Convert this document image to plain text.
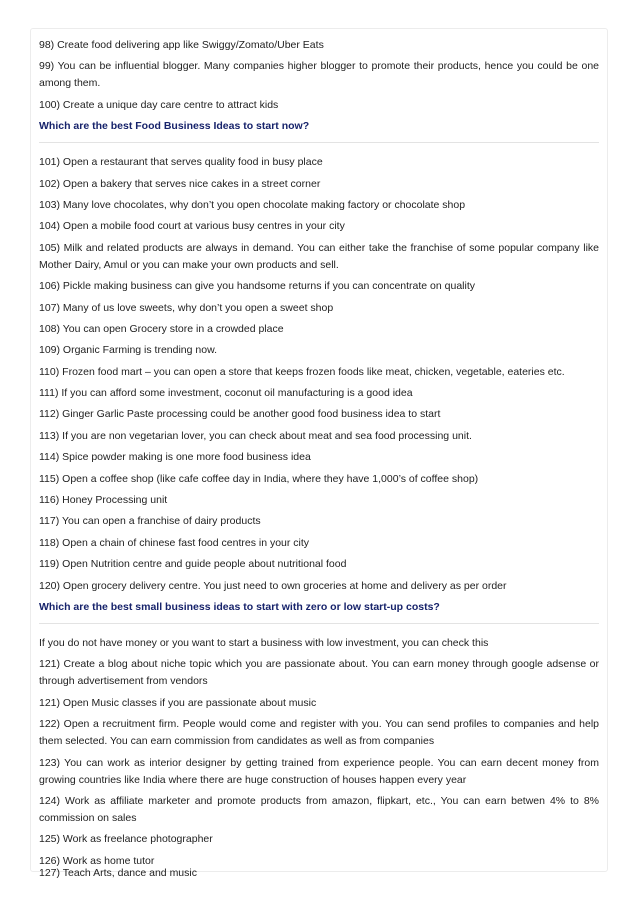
98) Create food delivering app like Swiggy/Zomato/Uber Eats

99) You can be influential blogger. Many companies higher blogger to promote their products, hence you could be one among them.

100) Create a unique day care centre to attract kids

Which are the best Food Business Ideas to start now?

101) Open a restaurant that serves quality food in busy place

102) Open a bakery that serves nice cakes in a street corner

103) Many love chocolates, why don’t you open chocolate making factory or chocolate shop

104) Open a mobile food court at various busy centres in your city

105) Milk and related products are always in demand. You can either take the franchise of some popular company like Mother Dairy, Amul or you can make your own products and sell.

106) Pickle making business can give you handsome returns if you can concentrate on quality

107) Many of us love sweets, why don’t you open a sweet shop

108) You can open Grocery store in a crowded place

109) Organic Farming is trending now.

110) Frozen food mart – you can open a store that keeps frozen foods like meat, chicken, vegetable, eateries etc.

111) If you can afford some investment, coconut oil manufacturing is a good idea

112) Ginger Garlic Paste processing could be another good food business idea to start

113) If you are non vegetarian lover, you can check about meat and sea food processing unit.

114) Spice powder making is one more food business idea

115) Open a coffee shop (like cafe coffee day in India, where they have 1,000’s of coffee shop)

116) Honey Processing unit

117) You can open a franchise of dairy products

118) Open a chain of chinese fast food centres in your city

119) Open Nutrition centre and guide people about nutritional food

120) Open grocery delivery centre. You just need to own groceries at home and delivery as per order

Which are the best small business ideas to start with zero or low start-up costs?

If you do not have money or you want to start a business with low investment, you can check this

121) Create a blog about niche topic which you are passionate about. You can earn money through google adsense or through advertisement from vendors

121) Open Music classes if you are passionate about music

122) Open a recruitment firm. People would come and register with you. You can send profiles to companies and help them selected. You can earn commission from candidates as well as from companies

123) You can work as interior designer by getting trained from experience people. You can earn decent money from growing countries like India where there are huge construction of houses happen every year

124) Work as affiliate marketer and promote products from amazon, flipkart, etc., You can earn betwen 4% to 8% commission on sales

125) Work as freelance photographer

126) Work as home tutor

127) Teach Arts, dance and music
